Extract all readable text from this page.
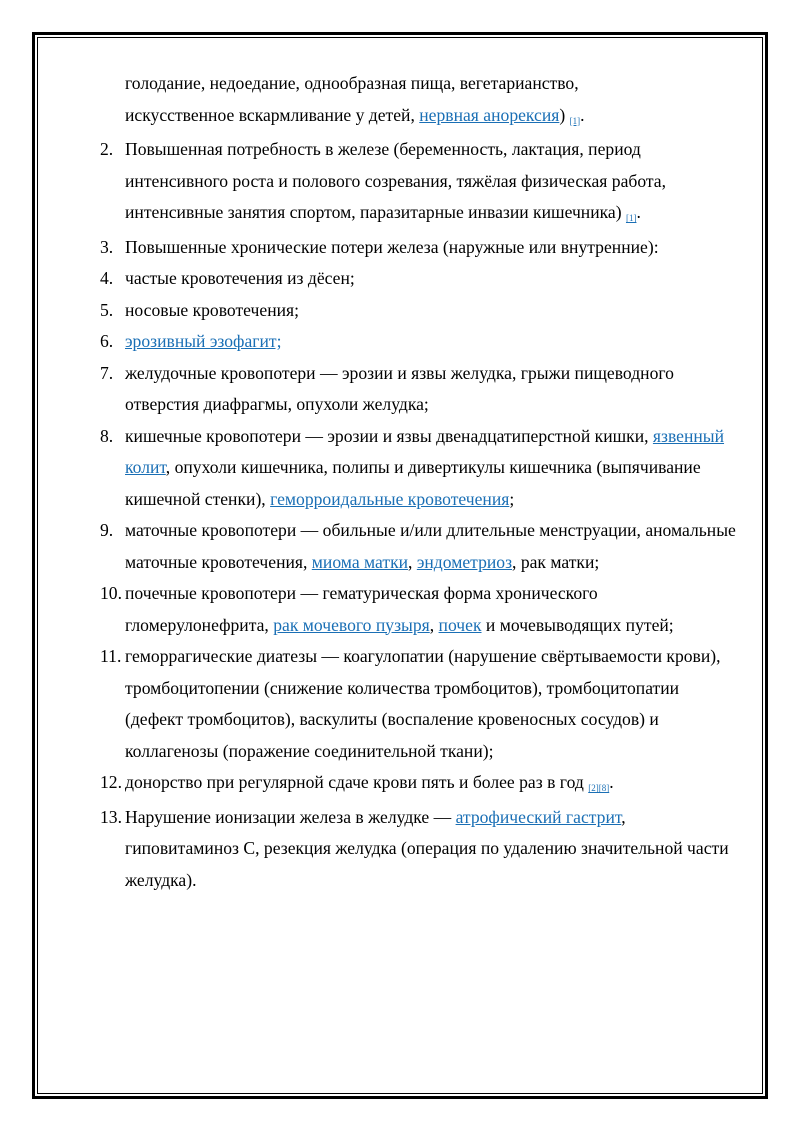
голодание, недоедание, однообразная пища, вегетарианство,
искусственное вскармливание у детей, нервная анорексия) [1].
2. Повышенная потребность в железе (беременность, лактация, период интенсивного роста и полового созревания, тяжёлая физическая работа, интенсивные занятия спортом, паразитарные инвазии кишечника) [1].
3. Повышенные хронические потери железа (наружные или внутренние):
4. частые кровотечения из дёсен;
5. носовые кровотечения;
6. эрозивный эзофагит;
7. желудочные кровопотери — эрозии и язвы желудка, грыжи пищеводного отверстия диафрагмы, опухоли желудка;
8. кишечные кровопотери — эрозии и язвы двенадцатиперстной кишки, язвенный колит, опухоли кишечника, полипы и дивертикулы кишечника (выпячивание кишечной стенки), геморроидальные кровотечения;
9. маточные кровопотери — обильные и/или длительные менструации, аномальные маточные кровотечения, миома матки, эндометриоз, рак матки;
10. почечные кровопотери — гематурическая форма хронического гломерулонефрита, рак мочевого пузыря, почек и мочевыводящих путей;
11. геморрагические диатезы — коагулопатии (нарушение свёртываемости крови), тромбоцитопении (снижение количества тромбоцитов), тромбоцитопатии (дефект тромбоцитов), васкулиты (воспаление кровеносных сосудов) и коллагенозы (поражение соединительной ткани);
12. донорство при регулярной сдаче крови пять и более раз в год [2][8].
13. Нарушение ионизации железа в желудке — атрофический гастрит, гиповитаминоз С, резекция желудка (операция по удалению значительной части желудка).
